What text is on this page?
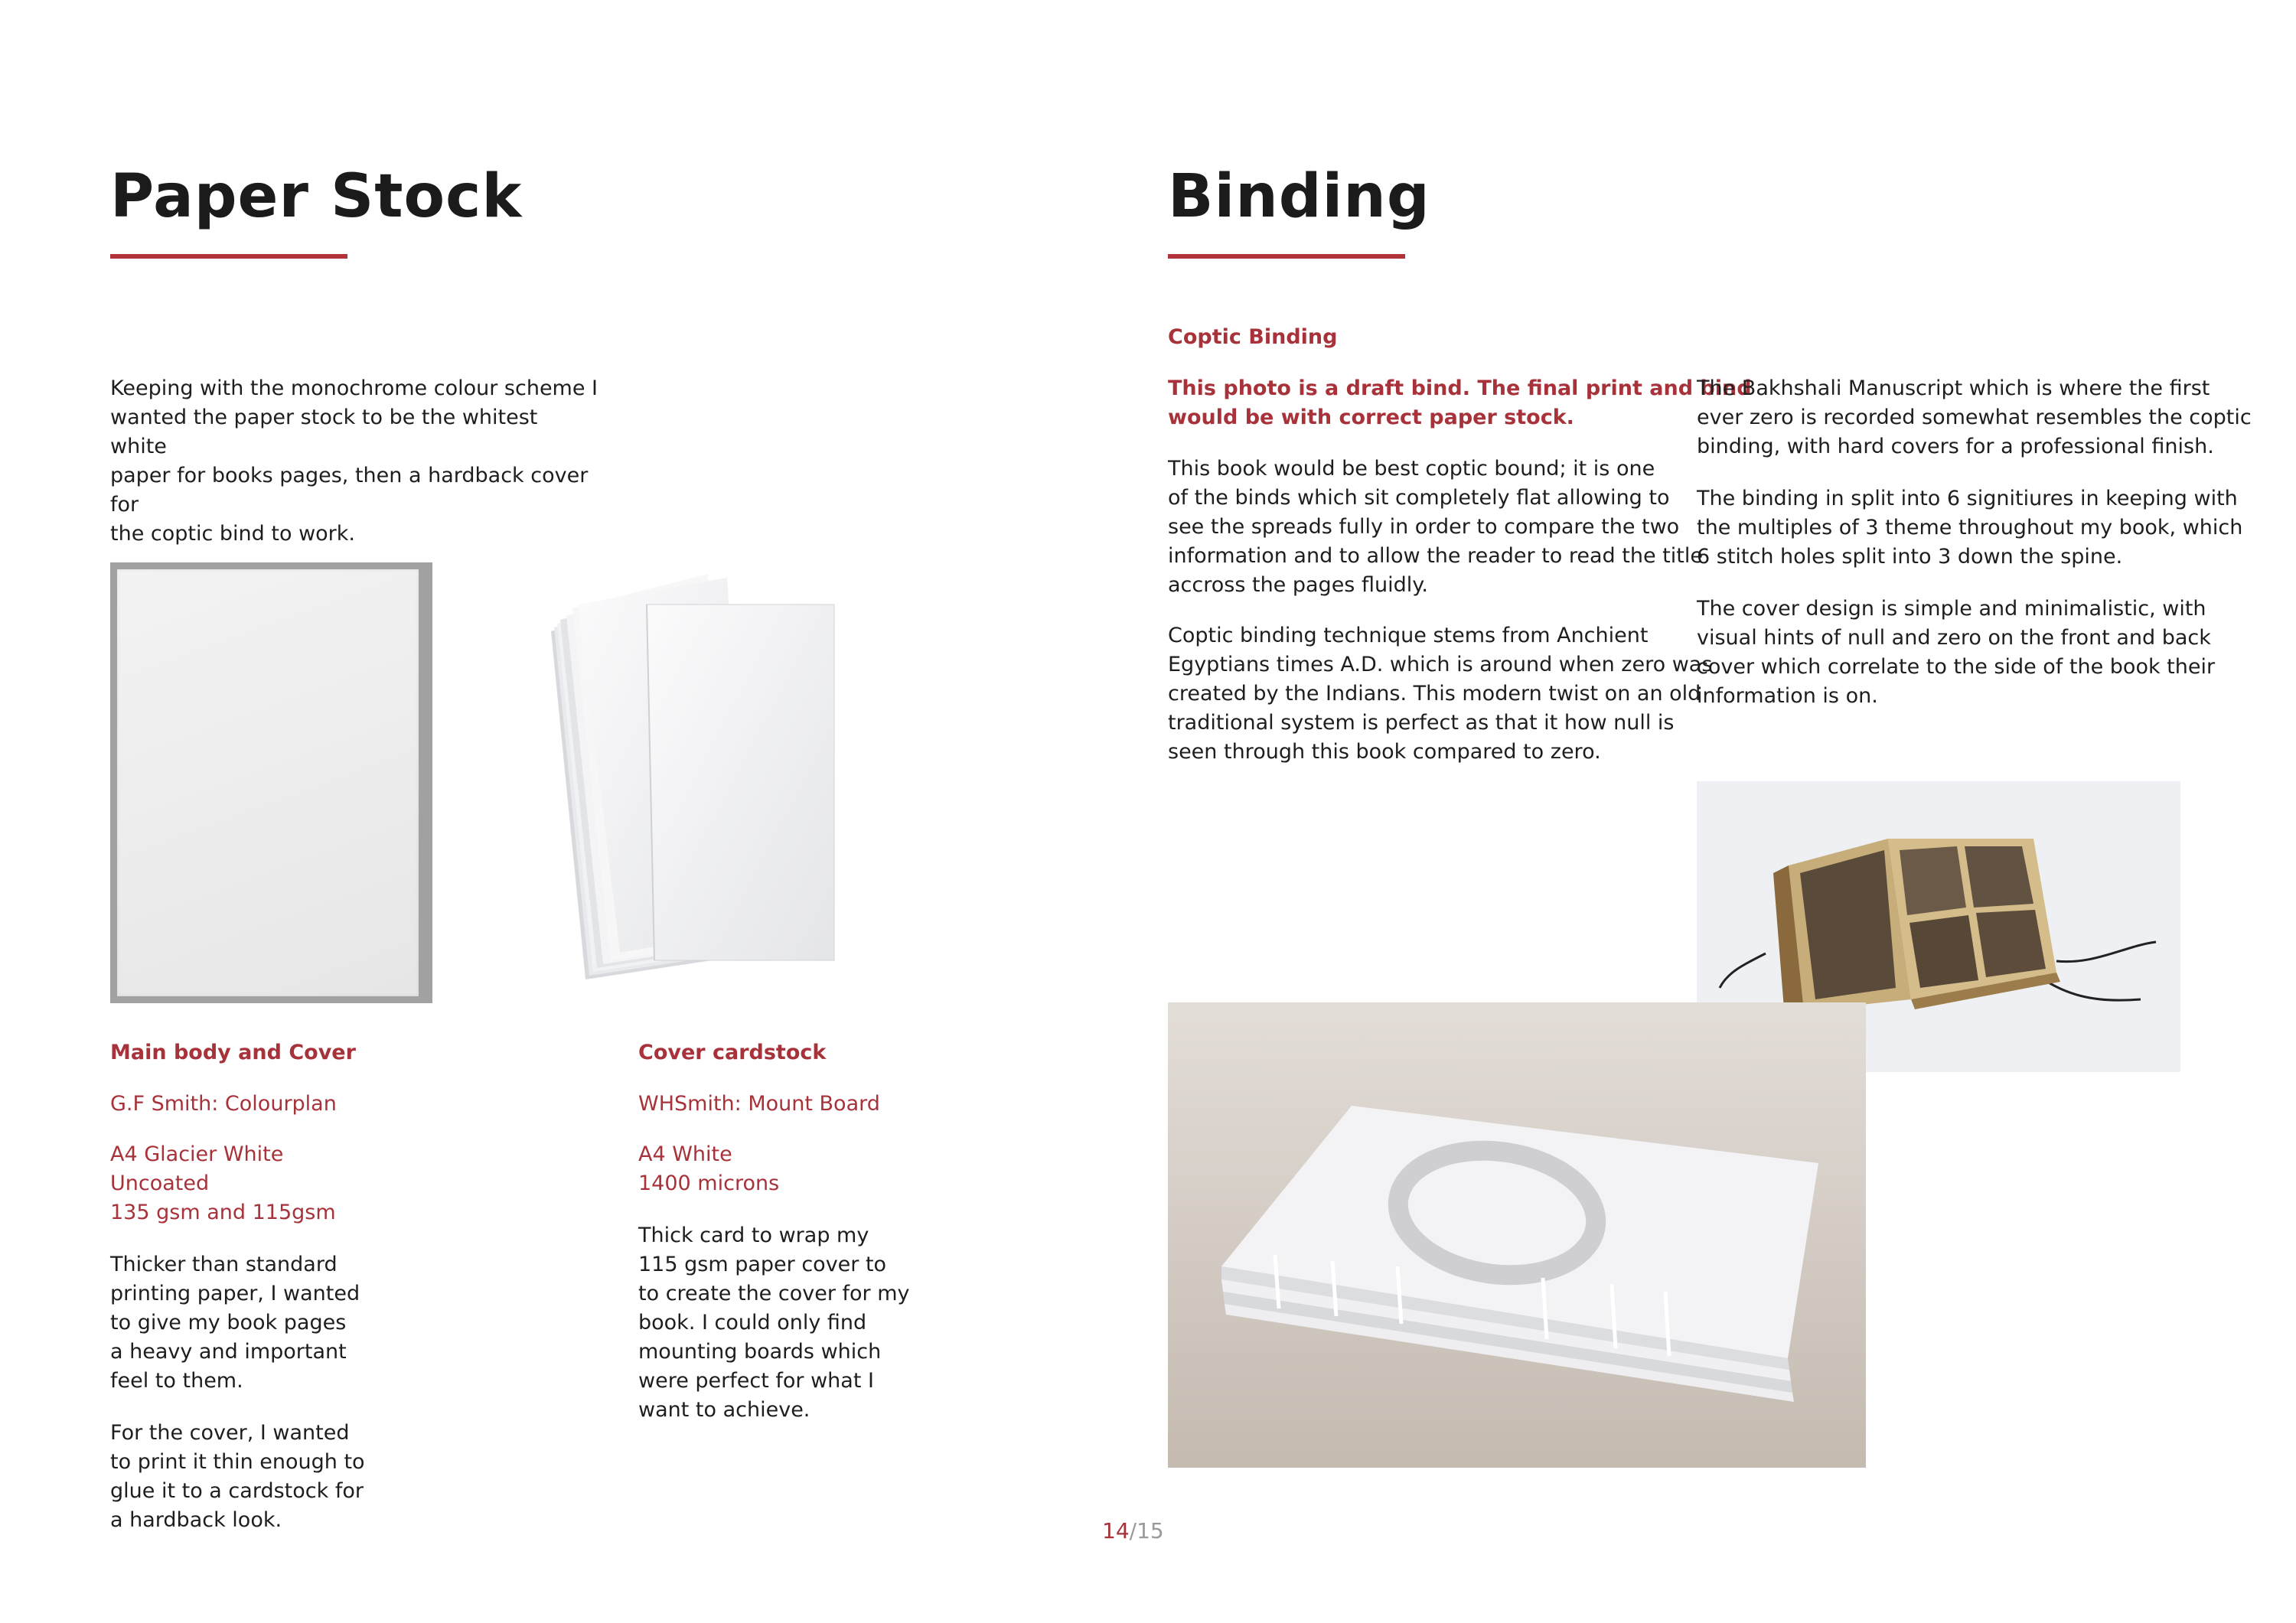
Paper Stock

Keeping with the monochrome colour scheme I
wanted the paper stock to be the whitest white
paper for books pages, then a hardback cover for
the coptic bind to work.

Main body and Cover

G.F Smith: Colourplan

A4 Glacier White
Uncoated
135 gsm and 115gsm

Thicker than standard
printing paper, I wanted
to give my book pages
a heavy and important
feel to them.

For the cover, I wanted
to print it thin enough to
glue it to a cardstock for
a hardback look.

Cover cardstock

WHSmith: Mount Board

A4 White
1400 microns

Thick card to wrap my
115 gsm paper cover to
to create the cover for my
book. I could only find
mounting boards which
were perfect for what I
want to achieve.

Binding

Coptic Binding

This photo is a draft bind. The final print and bind
would be with correct paper stock.

This book would be best coptic bound; it is one
of the binds which sit completely flat allowing to
see the spreads fully in order to compare the two
information and to allow the reader to read the title
accross the pages fluidly.

Coptic binding technique stems from Anchient
Egyptians times A.D. which is around when zero was
created by the Indians. This modern twist on an old
traditional system is perfect as that it how null is
seen through this book compared to zero.

The Bakhshali Manuscript which is where the first
ever zero is recorded somewhat resembles the coptic
binding, with hard covers for a professional finish.

The binding in split into 6 signitiures in keeping with
the multiples of 3 theme throughout my book, which
6 stitch holes split into 3 down the spine.

The cover design is simple and minimalistic, with
visual hints of null and zero on the front and back
cover which correlate to the side of the book their
information is on.

14/15
